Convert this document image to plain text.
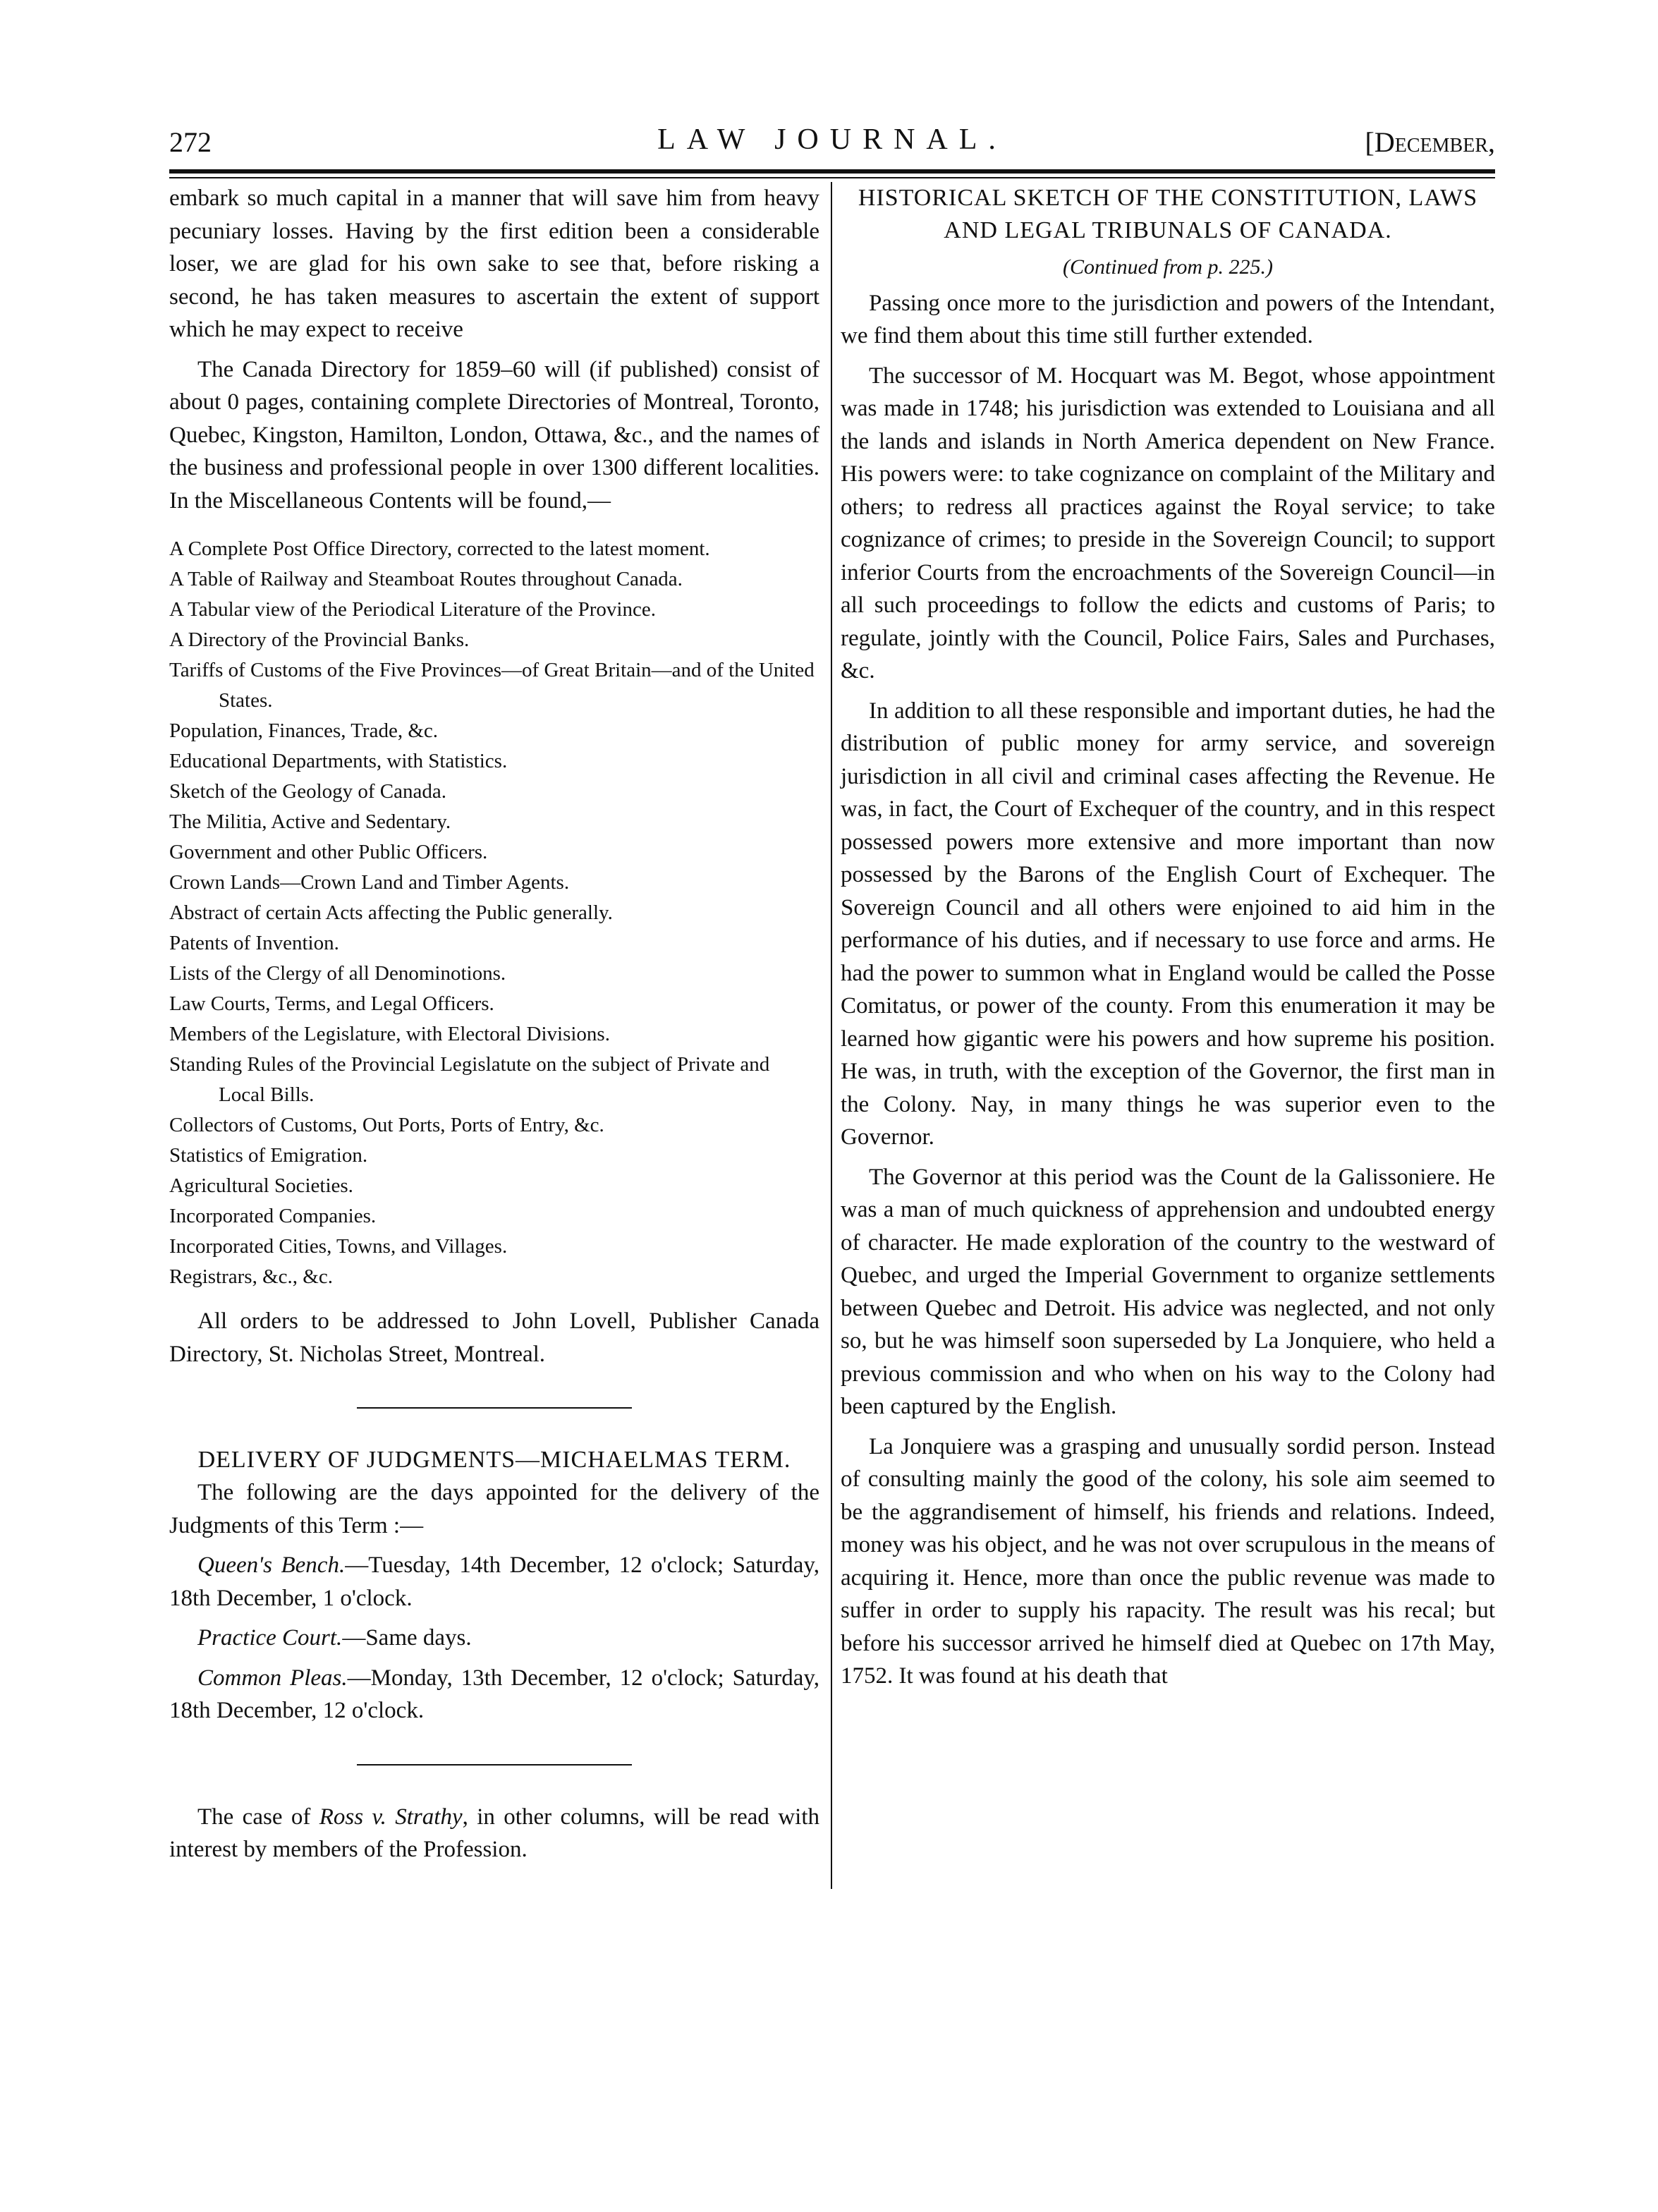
272	LAW JOURNAL.	[December,

embark so much capital in a manner that will save him from heavy pecuniary losses. Having by the first edition been a considerable loser, we are glad for his own sake to see that, before risking a second, he has taken measures to ascertain the extent of support which he may expect to receive

The Canada Directory for 1859–60 will (if published) consist of about 0 pages, containing complete Directories of Montreal, Toronto, Quebec, Kingston, Hamilton, London, Ottawa, &c., and the names of the business and professional people in over 1300 different localities. In the Miscellaneous Contents will be found,—

A Complete Post Office Directory, corrected to the latest moment.
A Table of Railway and Steamboat Routes throughout Canada.
A Tabular view of the Periodical Literature of the Province.
A Directory of the Provincial Banks.
Tariffs of Customs of the Five Provinces—of Great Britain—and of the United States.
Population, Finances, Trade, &c.
Educational Departments, with Statistics.
Sketch of the Geology of Canada.
The Militia, Active and Sedentary.
Government and other Public Officers.
Crown Lands—Crown Land and Timber Agents.
Abstract of certain Acts affecting the Public generally.
Patents of Invention.
Lists of the Clergy of all Denominotions.
Law Courts, Terms, and Legal Officers.
Members of the Legislature, with Electoral Divisions.
Standing Rules of the Provincial Legislatute on the subject of Private and Local Bills.
Collectors of Customs, Out Ports, Ports of Entry, &c.
Statistics of Emigration.
Agricultural Societies.
Incorporated Companies.
Incorporated Cities, Towns, and Villages.
Registrars, &c., &c.

All orders to be addressed to John Lovell, Publisher Canada Directory, St. Nicholas Street, Montreal.

DELIVERY OF JUDGMENTS—MICHAELMAS TERM.

The following are the days appointed for the delivery of the Judgments of this Term :—

Queen's Bench.—Tuesday, 14th December, 12 o'clock; Saturday, 18th December, 1 o'clock.

Practice Court.—Same days.

Common Pleas.—Monday, 13th December, 12 o'clock; Saturday, 18th December, 12 o'clock.

The case of Ross v. Strathy, in other columns, will be read with interest by members of the Profession.

HISTORICAL SKETCH OF THE CONSTITUTION, LAWS

AND LEGAL TRIBUNALS OF CANADA.

(Continued from p. 225.)

Passing once more to the jurisdiction and powers of the Intendant, we find them about this time still further extended.

The successor of M. Hocquart was M. Begot, whose appointment was made in 1748; his jurisdiction was extended to Louisiana and all the lands and islands in North America dependent on New France. His powers were: to take cognizance on complaint of the Military and others; to redress all practices against the Royal service; to take cognizance of crimes; to preside in the Sovereign Council; to support inferior Courts from the encroachments of the Sovereign Council—in all such proceedings to follow the edicts and customs of Paris; to regulate, jointly with the Council, Police Fairs, Sales and Purchases, &c.

In addition to all these responsible and important duties, he had the distribution of public money for army service, and sovereign jurisdiction in all civil and criminal cases affecting the Revenue. He was, in fact, the Court of Exchequer of the country, and in this respect possessed powers more extensive and more important than now possessed by the Barons of the English Court of Exchequer. The Sovereign Council and all others were enjoined to aid him in the performance of his duties, and if necessary to use force and arms. He had the power to summon what in England would be called the Posse Comitatus, or power of the county. From this enumeration it may be learned how gigantic were his powers and how supreme his position. He was, in truth, with the exception of the Governor, the first man in the Colony. Nay, in many things he was superior even to the Governor.

The Governor at this period was the Count de la Galissoniere. He was a man of much quickness of apprehension and undoubted energy of character. He made exploration of the country to the westward of Quebec, and urged the Imperial Government to organize settlements between Quebec and Detroit. His advice was neglected, and not only so, but he was himself soon superseded by La Jonquiere, who held a previous commission and who when on his way to the Colony had been captured by the English.

La Jonquiere was a grasping and unusually sordid person. Instead of consulting mainly the good of the colony, his sole aim seemed to be the aggrandisement of himself, his friends and relations. Indeed, money was his object, and he was not over scrupulous in the means of acquiring it. Hence, more than once the public revenue was made to suffer in order to supply his rapacity. The result was his recal; but before his successor arrived he himself died at Quebec on 17th May, 1752. It was found at his death that
